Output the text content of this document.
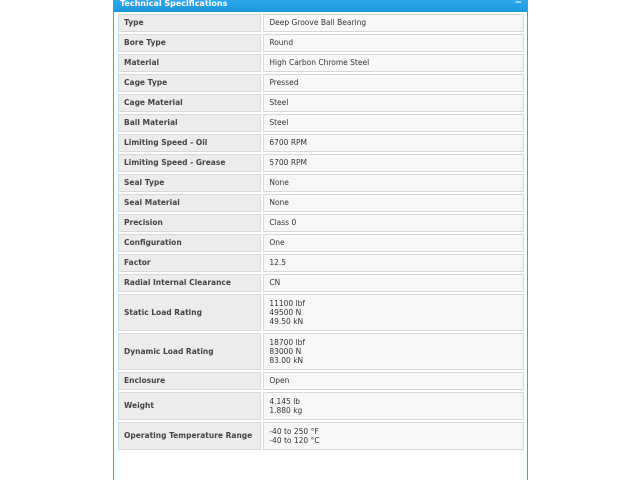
Technical Specifications	−
Type	Deep Groove Ball Bearing

Bore Type	Round

Material	High Carbon Chrome Steel

Cage Type	Pressed

Cage Material	Steel

Ball Material	Steel

Limiting Speed - Oil	6700 RPM

Limiting Speed - Grease	5700 RPM

Seal Type	None

Seal Material	None

Precision	Class 0

Configuration	One

Factor	12.5

Radial Internal Clearance	CN

Static Load Rating	11100 lbf
49500 N
49.50 kN

Dynamic Load Rating	18700 lbf
83000 N
83.00 kN

Enclosure	Open

Weight	4.145 lb
1.880 kg

Operating Temperature Range	-40 to 250 °F
-40 to 120 °C
